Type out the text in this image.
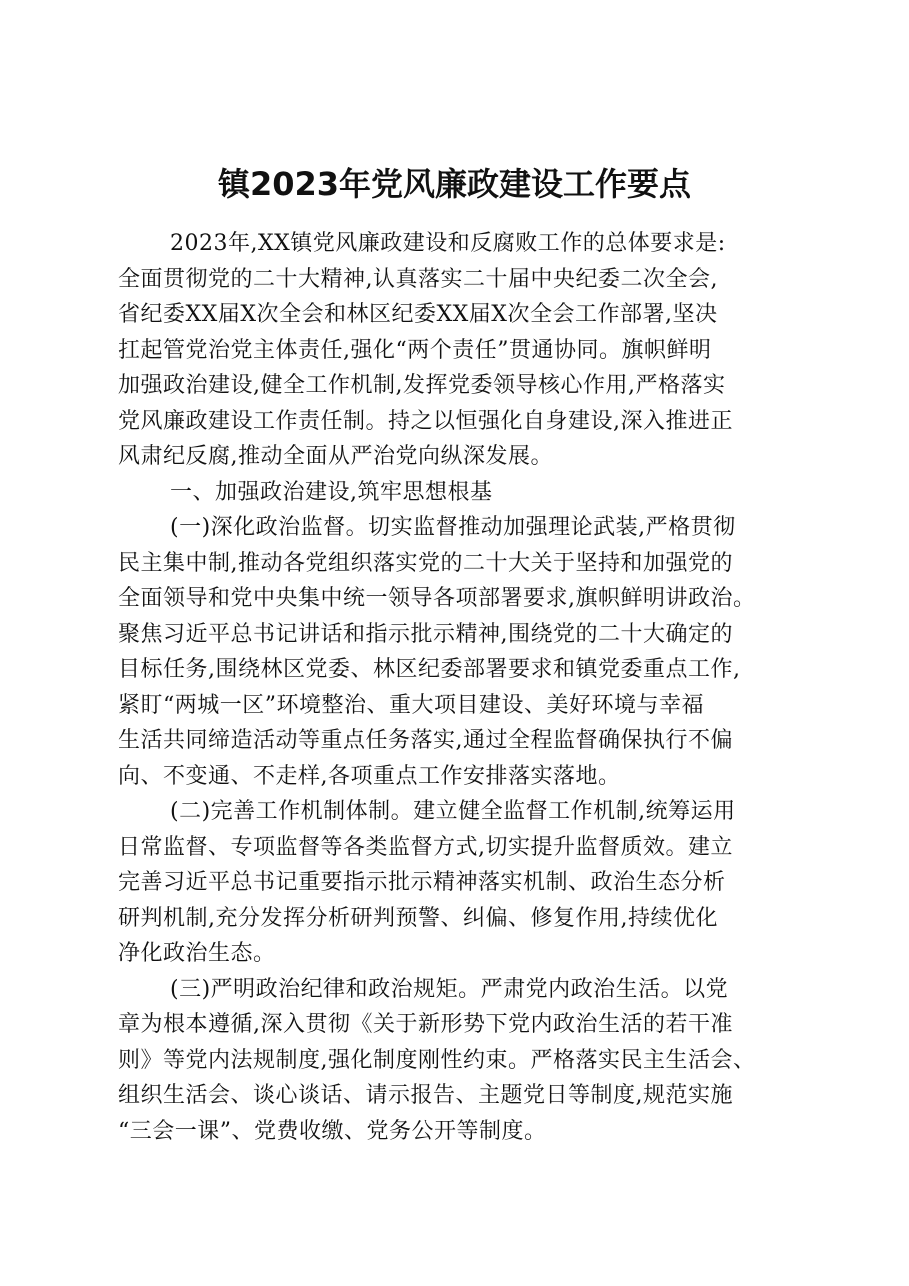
镇2023年党风廉政建设工作要点
2023年,XX镇党风廉政建设和反腐败工作的总体要求是:
全面贯彻党的二十大精神,认真落实二十届中央纪委二次全会,
省纪委XX届X次全会和林区纪委XX届X次全会工作部署,坚决
扛起管党治党主体责任,强化“两个责任”贯通协同。旗帜鲜明
加强政治建设,健全工作机制,发挥党委领导核心作用,严格落实
党风廉政建设工作责任制。持之以恒强化自身建设,深入推进正
风肃纪反腐,推动全面从严治党向纵深发展。
一、加强政治建设,筑牢思想根基
(一)深化政治监督。切实监督推动加强理论武装,严格贯彻
民主集中制,推动各党组织落实党的二十大关于坚持和加强党的
全面领导和党中央集中统一领导各项部署要求,旗帜鲜明讲政治。
聚焦习近平总书记讲话和指示批示精神,围绕党的二十大确定的
目标任务,围绕林区党委、林区纪委部署要求和镇党委重点工作,
紧盯“两城一区”环境整治、重大项目建设、美好环境与幸福
生活共同缔造活动等重点任务落实,通过全程监督确保执行不偏
向、不变通、不走样,各项重点工作安排落实落地。
(二)完善工作机制体制。建立健全监督工作机制,统筹运用
日常监督、专项监督等各类监督方式,切实提升监督质效。建立
完善习近平总书记重要指示批示精神落实机制、政治生态分析
研判机制,充分发挥分析研判预警、纠偏、修复作用,持续优化
净化政治生态。
(三)严明政治纪律和政治规矩。严肃党内政治生活。以党
章为根本遵循,深入贯彻《关于新形势下党内政治生活的若干准
则》等党内法规制度,强化制度刚性约束。严格落实民主生活会、
组织生活会、谈心谈话、请示报告、主题党日等制度,规范实施
“三会一课”、党费收缴、党务公开等制度。
